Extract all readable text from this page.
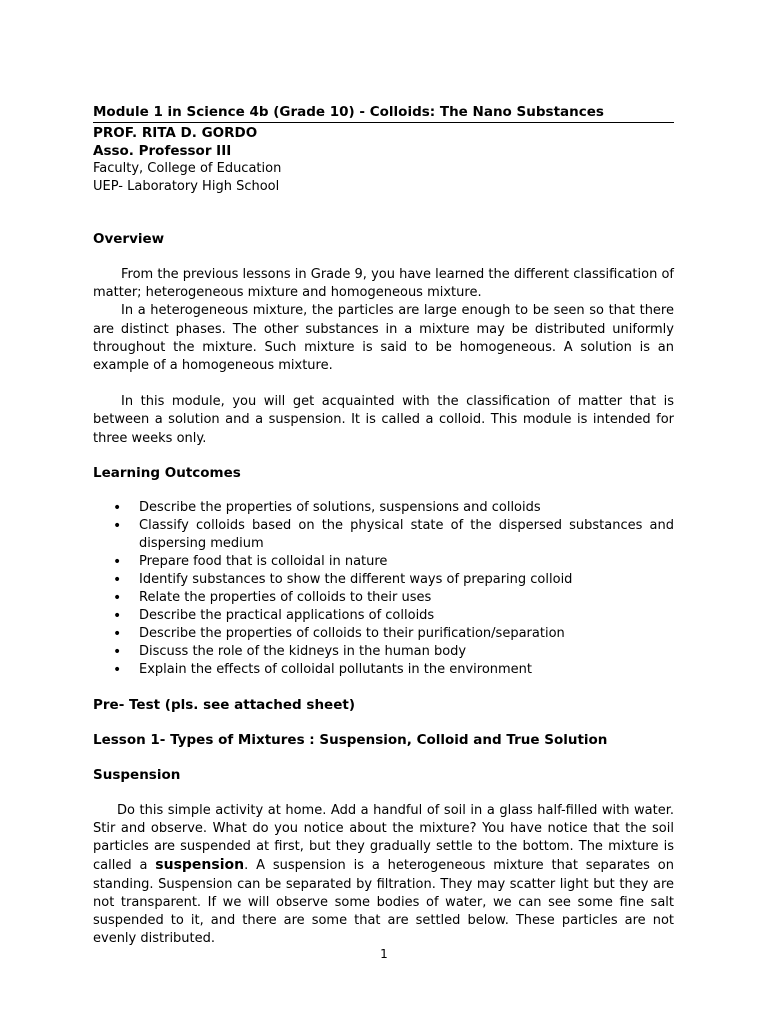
Module 1 in Science 4b (Grade 10) - Colloids: The Nano Substances
PROF. RITA D. GORDO
Asso. Professor III
Faculty, College of Education
UEP- Laboratory High School
Overview

From the previous lessons in Grade 9, you have learned the different classification of matter; heterogeneous mixture and homogeneous mixture.

In a heterogeneous mixture, the particles are large enough to be seen so that there are distinct phases. The other substances in a mixture may be distributed uniformly throughout the mixture. Such mixture is said to be homogeneous. A solution is an example of a homogeneous mixture.

In this module, you will get acquainted with the classification of matter that is between a solution and a suspension. It is called a colloid. This module is intended for three weeks only.

Learning Outcomes
• Describe the properties of solutions, suspensions and colloids
• Classify colloids based on the physical state of the dispersed substances and dispersing medium
• Prepare food that is colloidal in nature
• Identify substances to show the different ways of preparing colloid
• Relate the properties of colloids to their uses
• Describe the practical applications of colloids
• Describe the properties of colloids to their purification/separation
• Discuss the role of the kidneys in the human body
• Explain the effects of colloidal pollutants in the environment
Pre- Test (pls. see attached sheet)
Lesson 1- Types of Mixtures : Suspension, Colloid and True Solution
Suspension

Do this simple activity at home. Add a handful of soil in a glass half-filled with water. Stir and observe. What do you notice about the mixture? You have notice that the soil particles are suspended at first, but they gradually settle to the bottom. The mixture is called a suspension. A suspension is a heterogeneous mixture that separates on standing. Suspension can be separated by filtration. They may scatter light but they are not transparent. If we will observe some bodies of water, we can see some fine salt suspended to it, and there are some that are settled below. These particles are not evenly distributed.

1
